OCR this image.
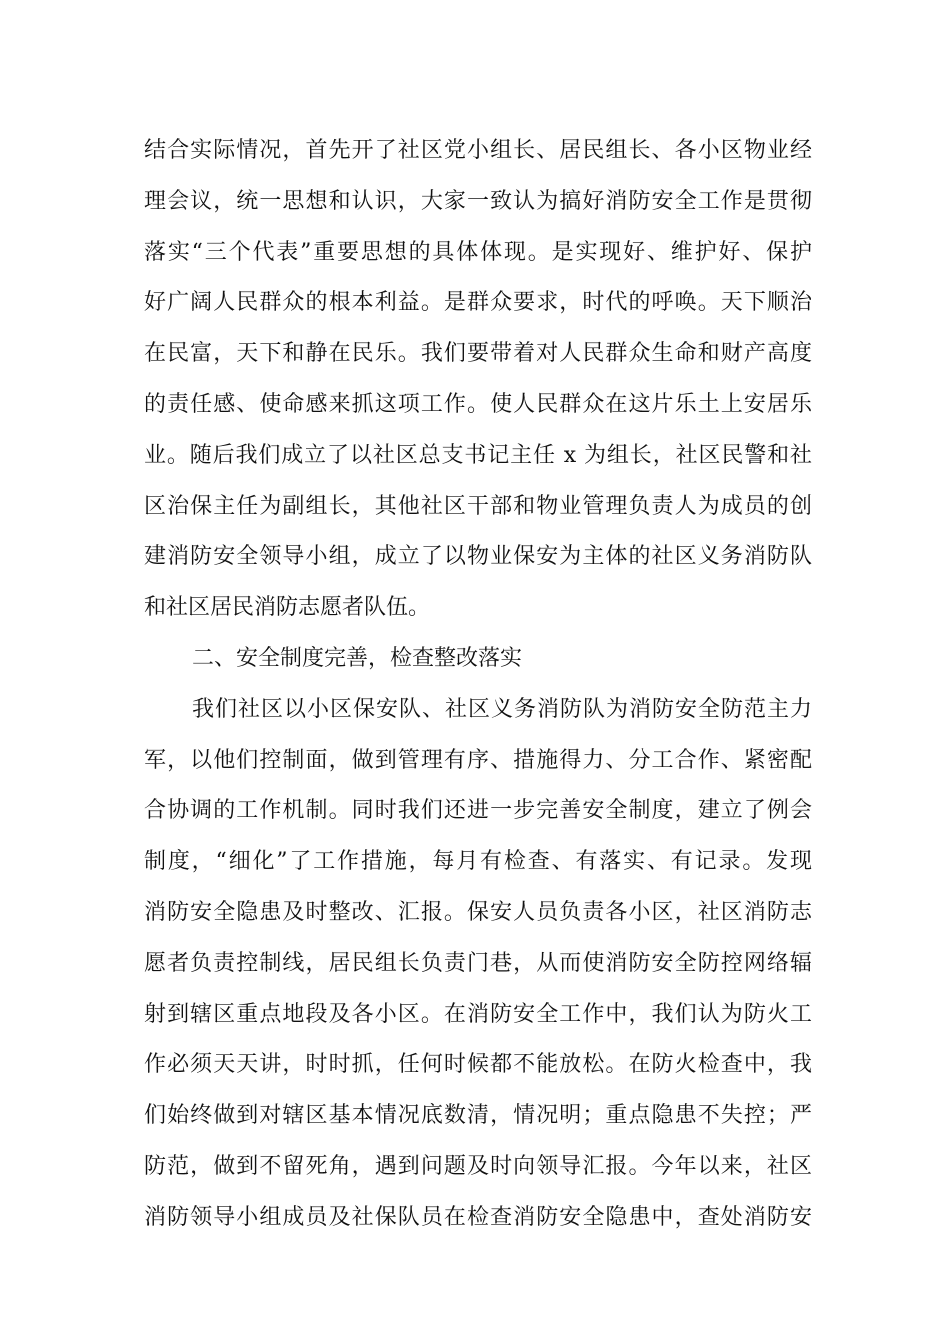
结合实际情况，首先开了社区党小组长、居民组长、各小区物业经
理会议，统一思想和认识，大家一致认为搞好消防安全工作是贯彻
落实“三个代表”重要思想的具体体现。是实现好、维护好、保护
好广阔人民群众的根本利益。是群众要求，时代的呼唤。天下顺治
在民富，天下和静在民乐。我们要带着对人民群众生命和财产高度
的责任感、使命感来抓这项工作。使人民群众在这片乐土上安居乐
业。随后我们成立了以社区总支书记主任 x 为组长，社区民警和社
区治保主任为副组长，其他社区干部和物业管理负责人为成员的创
建消防安全领导小组，成立了以物业保安为主体的社区义务消防队
和社区居民消防志愿者队伍。
二、安全制度完善，检查整改落实
我们社区以小区保安队、社区义务消防队为消防安全防范主力
军，以他们控制面，做到管理有序、措施得力、分工合作、紧密配
合协调的工作机制。同时我们还进一步完善安全制度，建立了例会
制度，“细化”了工作措施，每月有检查、有落实、有记录。发现
消防安全隐患及时整改、汇报。保安人员负责各小区，社区消防志
愿者负责控制线，居民组长负责门巷，从而使消防安全防控网络辐
射到辖区重点地段及各小区。在消防安全工作中，我们认为防火工
作必须天天讲，时时抓，任何时候都不能放松。在防火检查中，我
们始终做到对辖区基本情况底数清，情况明；重点隐患不失控；严
防范，做到不留死角，遇到问题及时向领导汇报。今年以来，社区
消防领导小组成员及社保队员在检查消防安全隐患中，查处消防安
